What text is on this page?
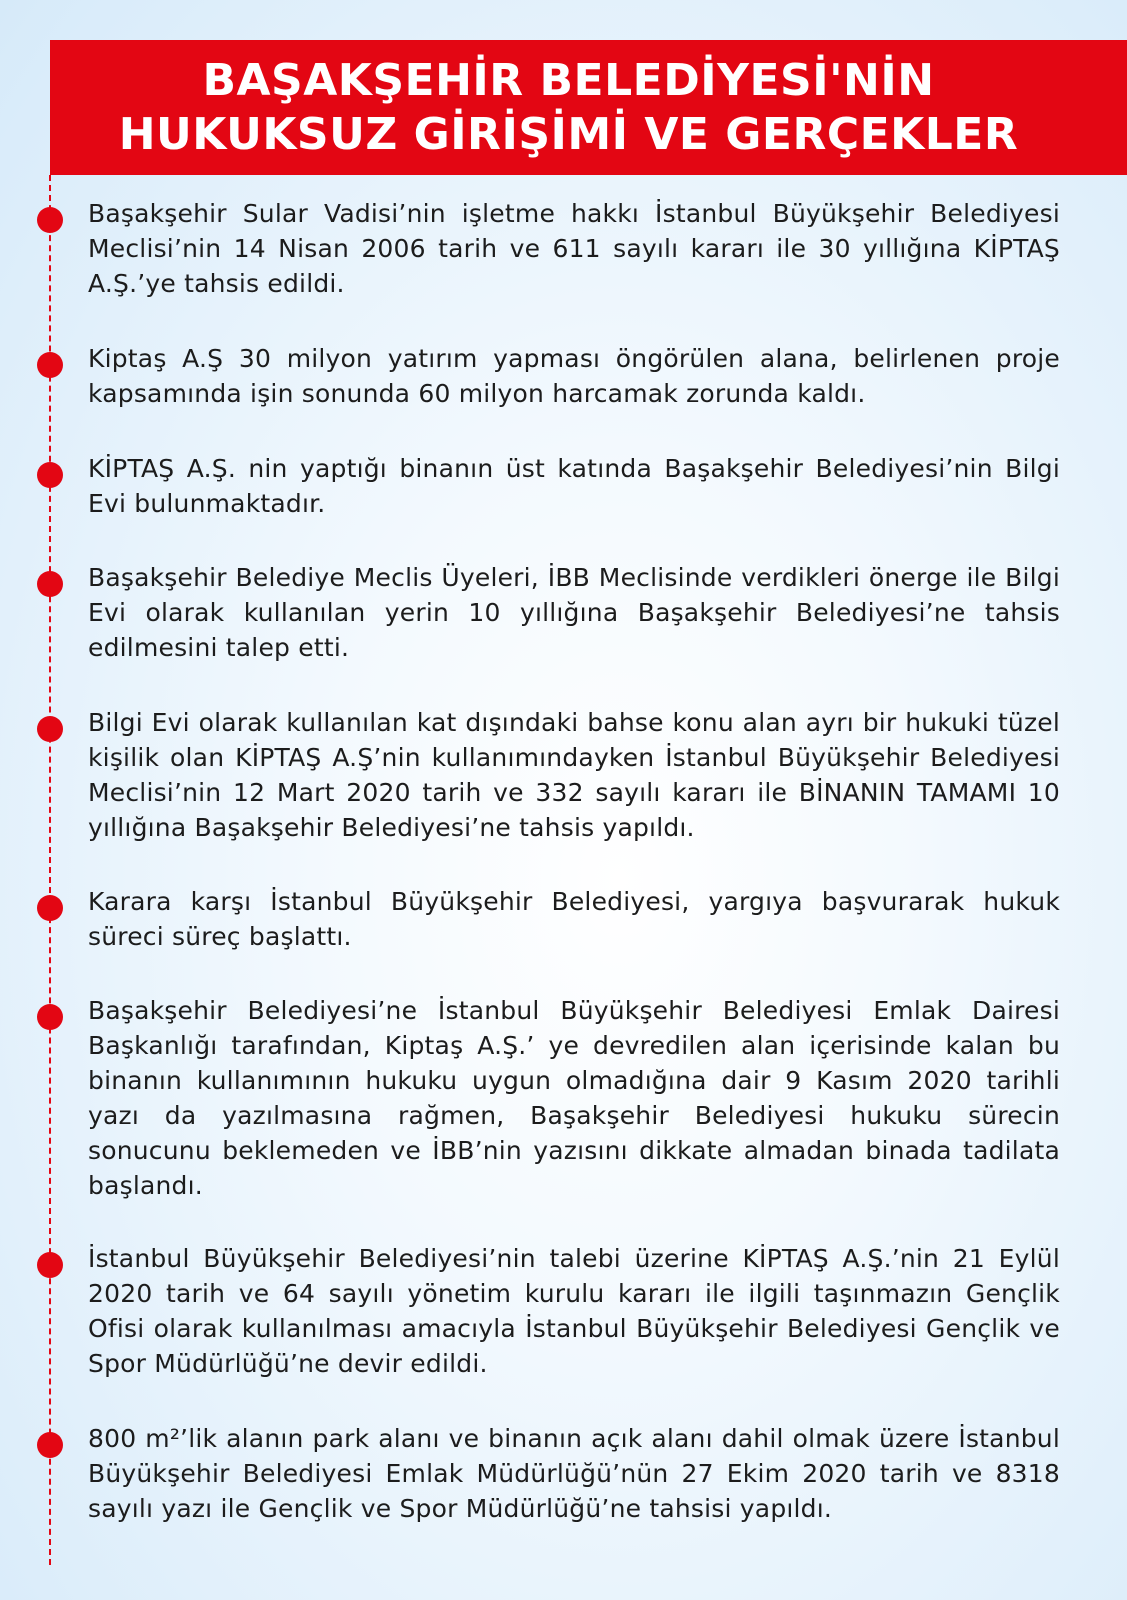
BAŞAKŞEHİR BELEDİYESİ'NİN
HUKUKSUZ GİRİŞİMİ VE GERÇEKLER

Başakşehir Sular Vadisi’nin işletme hakkı İstanbul Büyükşehir Belediyesi Meclisi’nin 14 Nisan 2006 tarih ve 611 sayılı kararı ile 30 yıllığına KİPTAŞ A.Ş.’ye tahsis edildi.

Kiptaş A.Ş 30 milyon yatırım yapması öngörülen alana, belirlenen proje kapsamında işin sonunda 60 milyon harcamak zorunda kaldı.

KİPTAŞ A.Ş. nin yaptığı binanın üst katında Başakşehir Belediyesi’nin Bilgi Evi bulunmaktadır.

Başakşehir Belediye Meclis Üyeleri, İBB Meclisinde verdikleri önerge ile Bilgi Evi olarak kullanılan yerin 10 yıllığına Başakşehir Belediyesi’ne tahsis edilmesini talep etti.

Bilgi Evi olarak kullanılan kat dışındaki bahse konu alan ayrı bir hukuki tüzel kişilik olan KİPTAŞ A.Ş’nin kullanımındayken İstanbul Büyükşehir Belediyesi Meclisi’nin 12 Mart 2020 tarih ve 332 sayılı kararı ile BİNANIN TAMAMI 10 yıllığına Başakşehir Belediyesi’ne tahsis yapıldı.

Karara karşı İstanbul Büyükşehir Belediyesi, yargıya başvurarak hukuk süreci süreç başlattı.

Başakşehir Belediyesi’ne İstanbul Büyükşehir Belediyesi Emlak Dairesi Başkanlığı tarafından, Kiptaş A.Ş.’ ye devredilen alan içerisinde kalan bu binanın kullanımının hukuku uygun olmadığına dair 9 Kasım 2020 tarihli yazı da yazılmasına rağmen, Başakşehir Belediyesi hukuku sürecin sonucunu beklemeden ve İBB’nin yazısını dikkate almadan binada tadilata başlandı.

İstanbul Büyükşehir Belediyesi’nin talebi üzerine KİPTAŞ A.Ş.’nin 21 Eylül 2020 tarih ve 64 sayılı yönetim kurulu kararı ile ilgili taşınmazın Gençlik Ofisi olarak kullanılması amacıyla İstanbul Büyükşehir Belediyesi Gençlik ve Spor Müdürlüğü’ne devir edildi.

800 m²’lik alanın park alanı ve binanın açık alanı dahil olmak üzere İstanbul Büyükşehir Belediyesi Emlak Müdürlüğü’nün 27 Ekim 2020 tarih ve 8318 sayılı yazı ile Gençlik ve Spor Müdürlüğü’ne tahsisi yapıldı.
